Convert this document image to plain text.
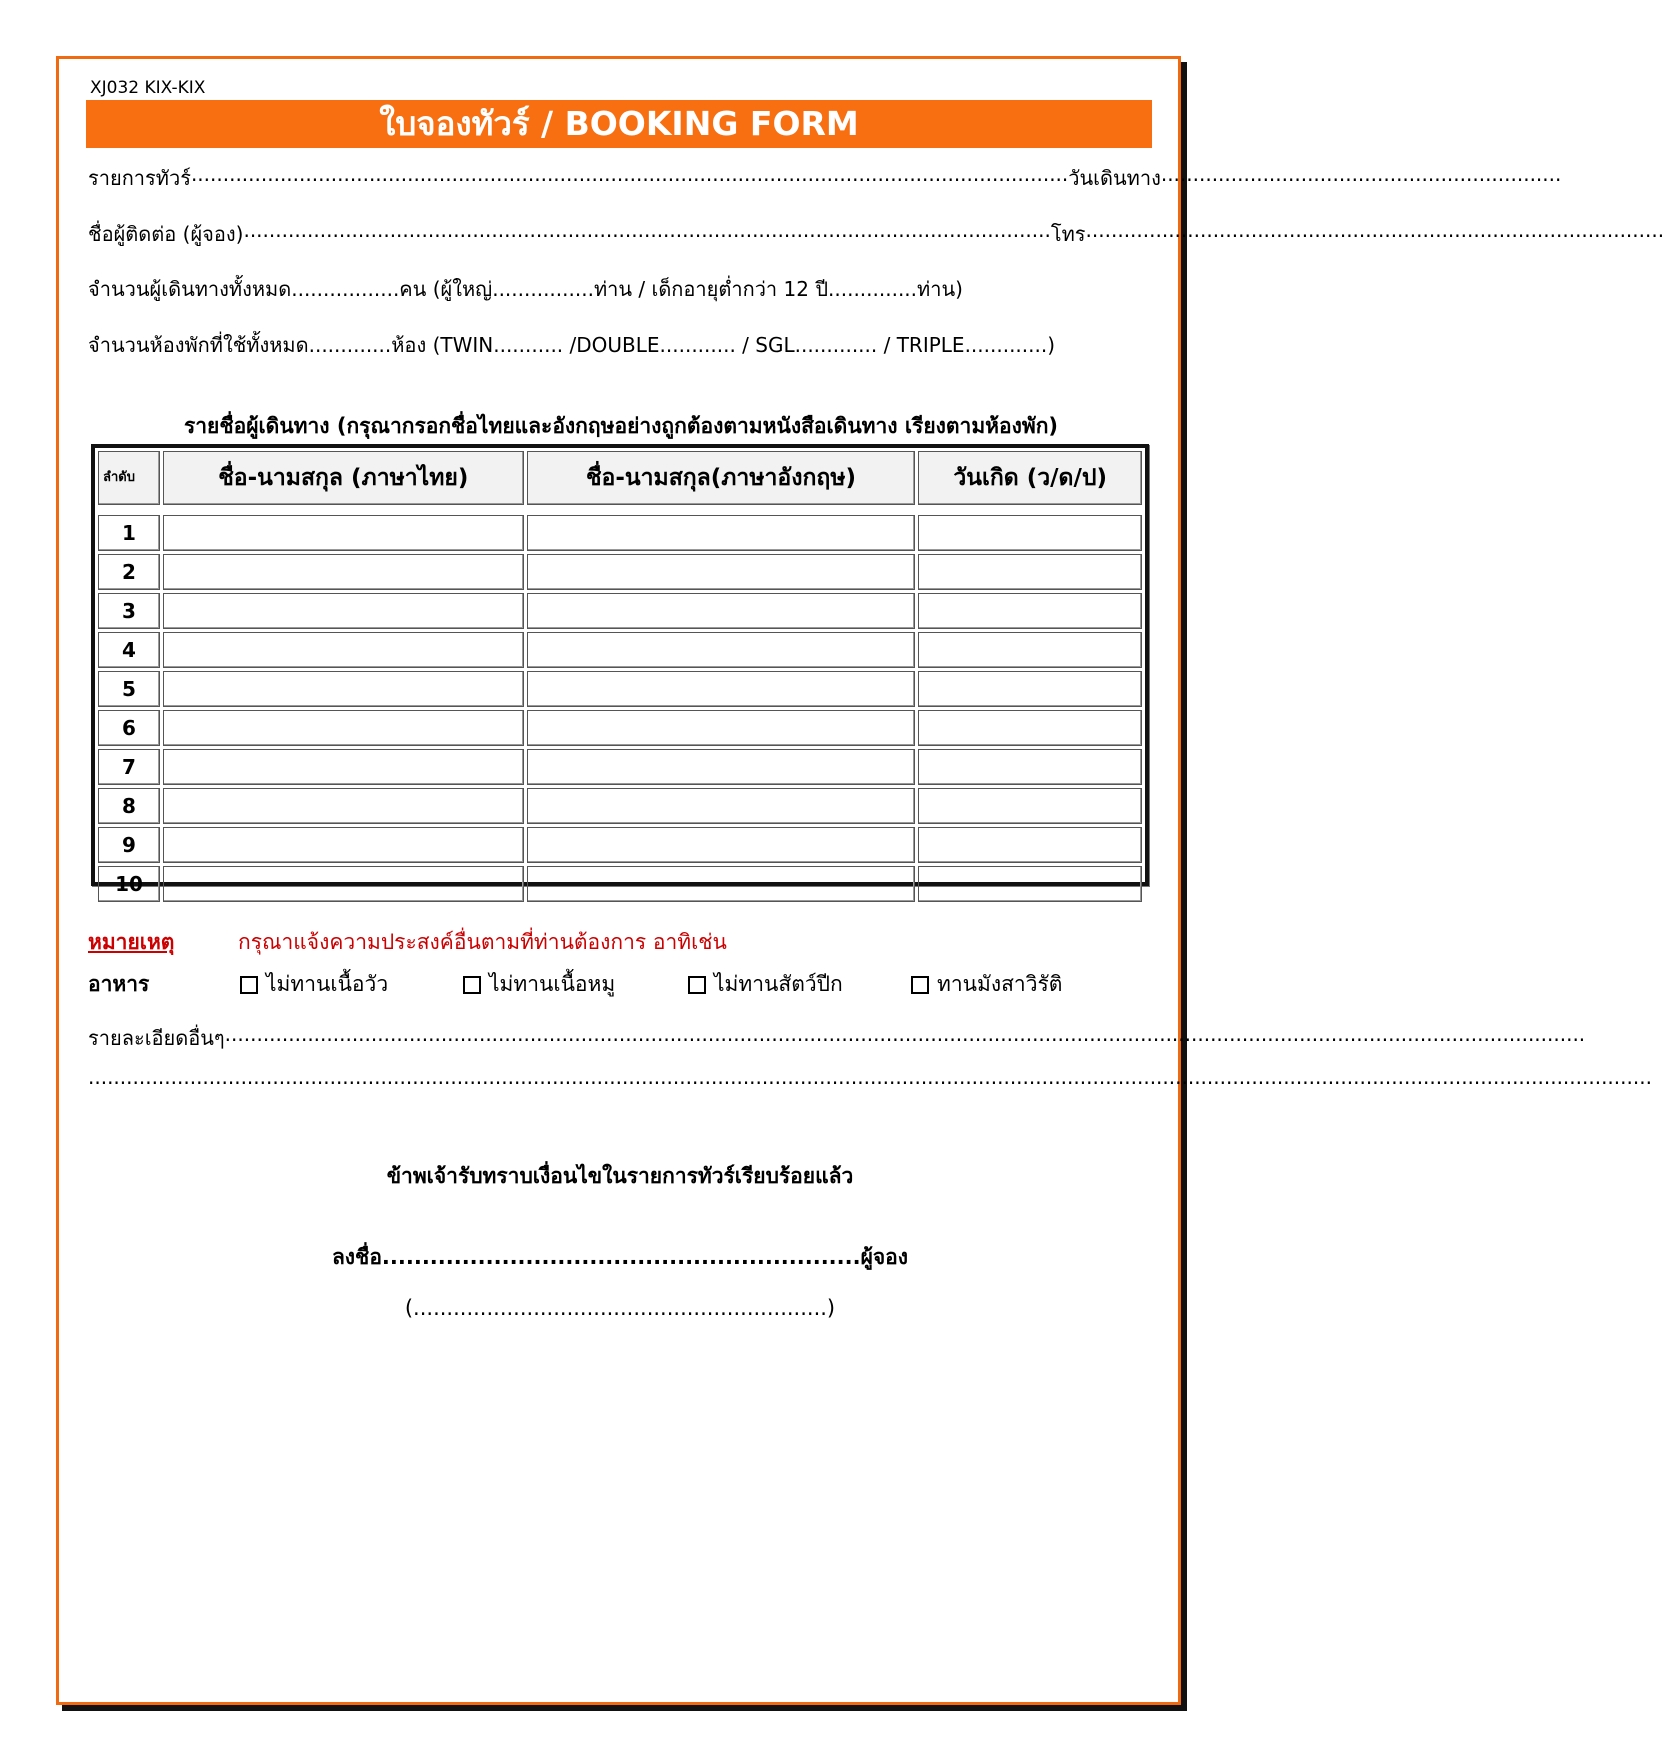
XJ032 KIX-KIX
ใบจองทัวร์ / BOOKING FORM
รายการทัวร์ .......................................................................................................................................... วันเดินทาง ...............................................................
ชื่อผู้ติดต่อ (ผู้จอง) ............................................................................................................................... โทร ...........................................................................................
จำนวนผู้เดินทางทั้งหมด.................คน (ผู้ใหญ่................ท่าน / เด็กอายุต่ำกว่า 12 ปี..............ท่าน)
จำนวนห้องพักที่ใช้ทั้งหมด.............ห้อง (TWIN........... /DOUBLE............ / SGL............. / TRIPLE.............)
รายชื่อผู้เดินทาง (กรุณากรอกชื่อไทยและอังกฤษอย่างถูกต้องตามหนังสือเดินทาง เรียงตามห้องพัก)
ลำดับ	ชื่อ-นามสกุล (ภาษาไทย)	ชื่อ-นามสกุล(ภาษาอังกฤษ)	วันเกิด (ว/ด/ป)

1			
2			
3			
4			
5			
6			
7			
8			
9			
10			
หมายเหตุ	กรุณาแจ้งความประสงค์อื่นตามที่ท่านต้องการ อาทิเช่น
อาหาร	ไม่ทานเนื้อวัว	ไม่ทานเนื้อหมู	ไม่ทานสัตว์ปีก	ทานมังสาวิรัติ
รายละเอียดอื่นๆ ......................................................................................................................................................................................................................
......................................................................................................................................................................................................................................................
ข้าพเจ้ารับทราบเงื่อนไขในรายการทัวร์เรียบร้อยแล้ว
ลงชื่อ............................................................ผู้จอง
(..............................................................)
